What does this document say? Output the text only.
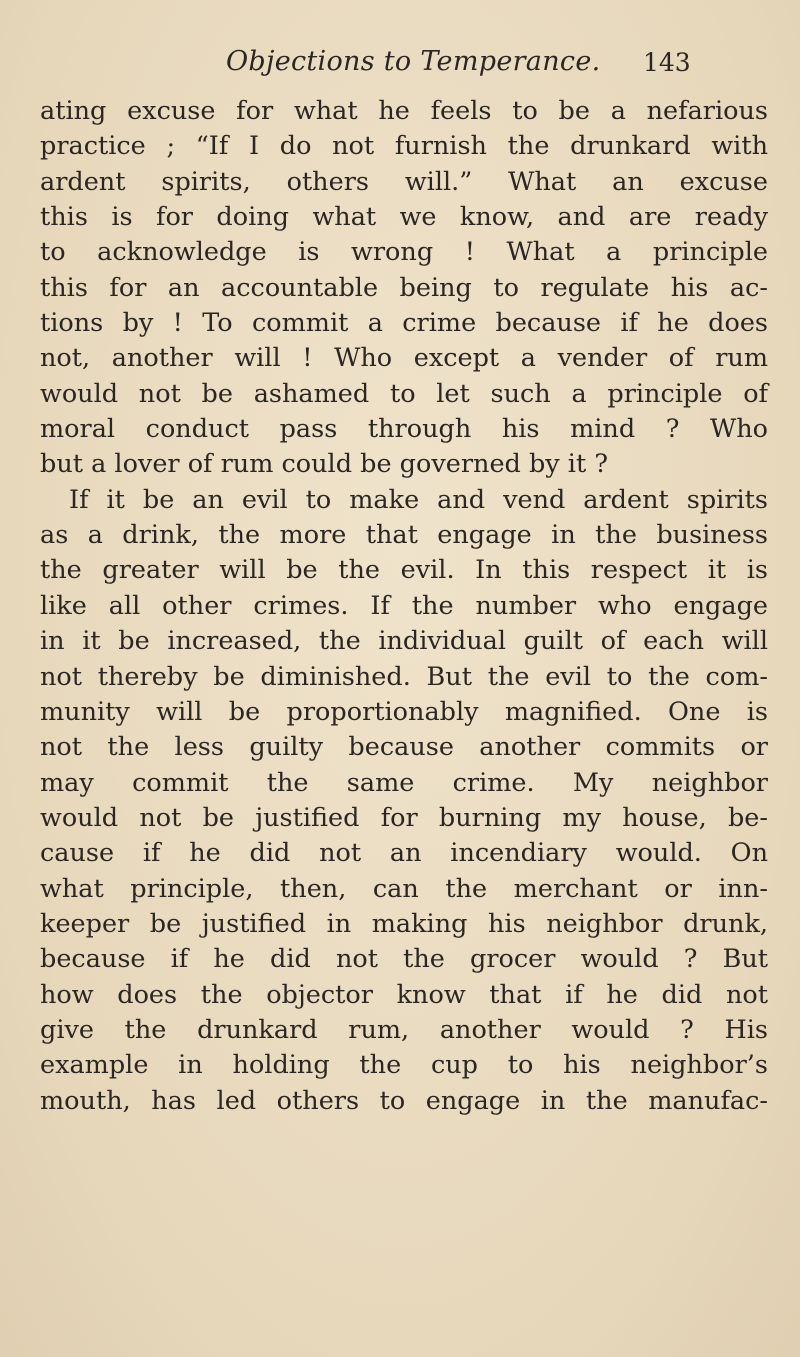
Objections to Temperance. 143
ating excuse for what he feels to be a nefarious
practice ; “If I do not furnish the drunkard with
ardent spirits, others will.” What an excuse
this is for doing what we know, and are ready
to acknowledge is wrong ! What a principle
this for an accountable being to regulate his ac-
tions by ! To commit a crime because if he does
not, another will ! Who except a vender of rum
would not be ashamed to let such a principle of
moral conduct pass through his mind ? Who
but a lover of rum could be governed by it ?
If it be an evil to make and vend ardent spirits
as a drink, the more that engage in the business
the greater will be the evil. In this respect it is
like all other crimes. If the number who engage
in it be increased, the individual guilt of each will
not thereby be diminished. But the evil to the com-
munity will be proportionably magnified. One is
not the less guilty because another commits or
may commit the same crime. My neighbor
would not be justified for burning my house, be-
cause if he did not an incendiary would. On
what principle, then, can the merchant or inn-
keeper be justified in making his neighbor drunk,
because if he did not the grocer would ? But
how does the objector know that if he did not
give the drunkard rum, another would ? His
example in holding the cup to his neighbor’s
mouth, has led others to engage in the manufac-
